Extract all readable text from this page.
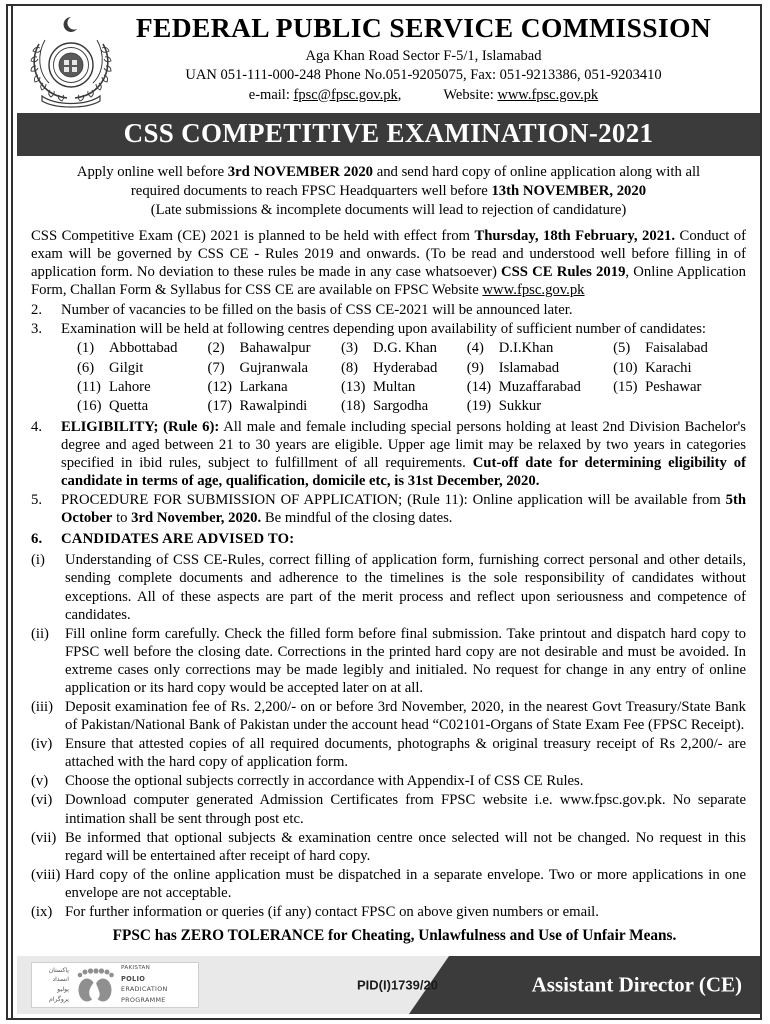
FEDERAL PUBLIC SERVICE COMMISSION
Aga Khan Road Sector F-5/1, Islamabad
UAN 051-111-000-248 Phone No.051-9205075, Fax: 051-9213386, 051-9203410
e-mail: fpsc@fpsc.gov.pk,	Website: www.fpsc.gov.pk
CSS COMPETITIVE EXAMINATION-2021
Apply online well before 3rd NOVEMBER 2020 and send hard copy of online application along with all
required documents to reach FPSC Headquarters well before 13th NOVEMBER, 2020
(Late submissions & incomplete documents will lead to rejection of candidature)
CSS Competitive Exam (CE) 2021 is planned to be held with effect from Thursday, 18th February, 2021. Conduct of exam will be governed by CSS CE - Rules 2019 and onwards. (To be read and understood well before filling in of application form. No deviation to these rules be made in any case whatsoever) CSS CE Rules 2019, Online Application Form, Challan Form & Syllabus for CSS CE are available on FPSC Website www.fpsc.gov.pk
2.	Number of vacancies to be filled on the basis of CSS CE-2021 will be announced later.
3.	Examination will be held at following centres depending upon availability of sufficient number of candidates:
(1)	Abbottabad	(2)	Bahawalpur	(3)	D.G. Khan	(4)	D.I.Khan	(5)	Faisalabad
(6)	Gilgit	(7)	Gujranwala	(8)	Hyderabad	(9)	Islamabad	(10)	Karachi
(11)	Lahore	(12)	Larkana	(13)	Multan	(14)	Muzaffarabad	(15)	Peshawar
(16)	Quetta	(17)	Rawalpindi	(18)	Sargodha	(19)	Sukkur		
4.	ELIGIBILITY; (Rule 6): All male and female including special persons holding at least 2nd Division Bachelor's degree and aged between 21 to 30 years are eligible. Upper age limit may be relaxed by two years in categories specified in ibid rules, subject to fulfillment of all requirements. Cut-off date for determining eligibility of candidate in terms of age, qualification, domicile etc, is 31st December, 2020.
5.	PROCEDURE FOR SUBMISSION OF APPLICATION; (Rule 11): Online application will be available from 5th October to 3rd November, 2020. Be mindful of the closing dates.
6.	CANDIDATES ARE ADVISED TO:
(i)	Understanding of CSS CE-Rules, correct filling of application form, furnishing correct personal and other details, sending complete documents and adherence to the timelines is the sole responsibility of candidates without exceptions. All of these aspects are part of the merit process and reflect upon seriousness and competence of candidates.
(ii)	Fill online form carefully. Check the filled form before final submission. Take printout and dispatch hard copy to FPSC well before the closing date. Corrections in the printed hard copy are not desirable and must be avoided. In extreme cases only corrections may be made legibly and initialed. No request for change in any entry of online application or its hard copy would be accepted later on at all.
(iii) Deposit examination fee of Rs. 2,200/- on or before 3rd November, 2020, in the nearest Govt Treasury/State Bank of Pakistan/National Bank of Pakistan under the account head “C02101-Organs of State Exam Fee (FPSC Receipt).
(iv) Ensure that attested copies of all required documents, photographs & original treasury receipt of Rs 2,200/- are attached with the hard copy of application form.
(v)	Choose the optional subjects correctly in accordance with Appendix-I of CSS CE Rules.
(vi) Download computer generated Admission Certificates from FPSC website i.e. www.fpsc.gov.pk. No separate intimation shall be sent through post etc.
(vii) Be informed that optional subjects & examination centre once selected will not be changed. No request in this regard will be entertained after receipt of hard copy.
(viii) Hard copy of the online application must be dispatched in a separate envelope. Two or more applications in one envelope are not acceptable.
(ix) For further information or queries (if any) contact FPSC on above given numbers or email.
FPSC has ZERO TOLERANCE for Cheating, Unlawfulness and Use of Unfair Means.
پاکستان
انسداد
پولیو
پروگرام
PAKISTAN
POLIO
ERADICATION
PROGRAMME
PID(I)1739/20	Assistant Director (CE)
